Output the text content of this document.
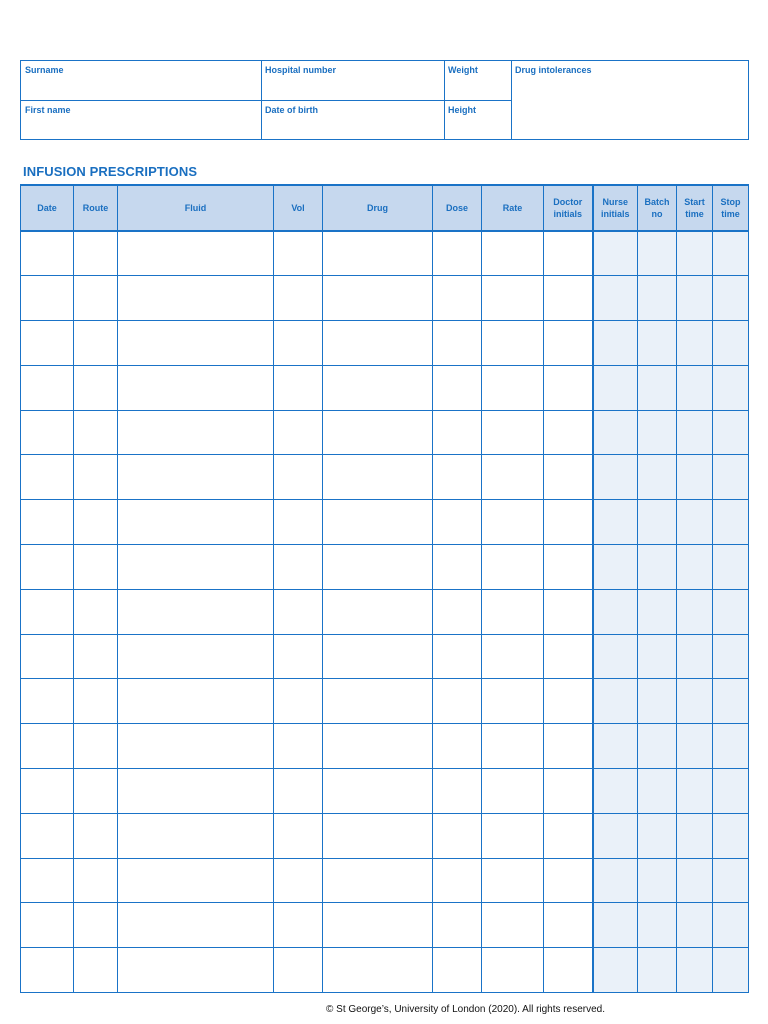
Surname	Hospital number	Weight	Drug intolerances
First name	Date of birth	Height
INFUSION PRESCRIPTIONS
Date	Route	Fluid	Vol	Drug	Dose	Rate	Doctor initials	Nurse initials	Batch no	Start time	Stop time

© St George’s, University of London (2020). All rights reserved.
